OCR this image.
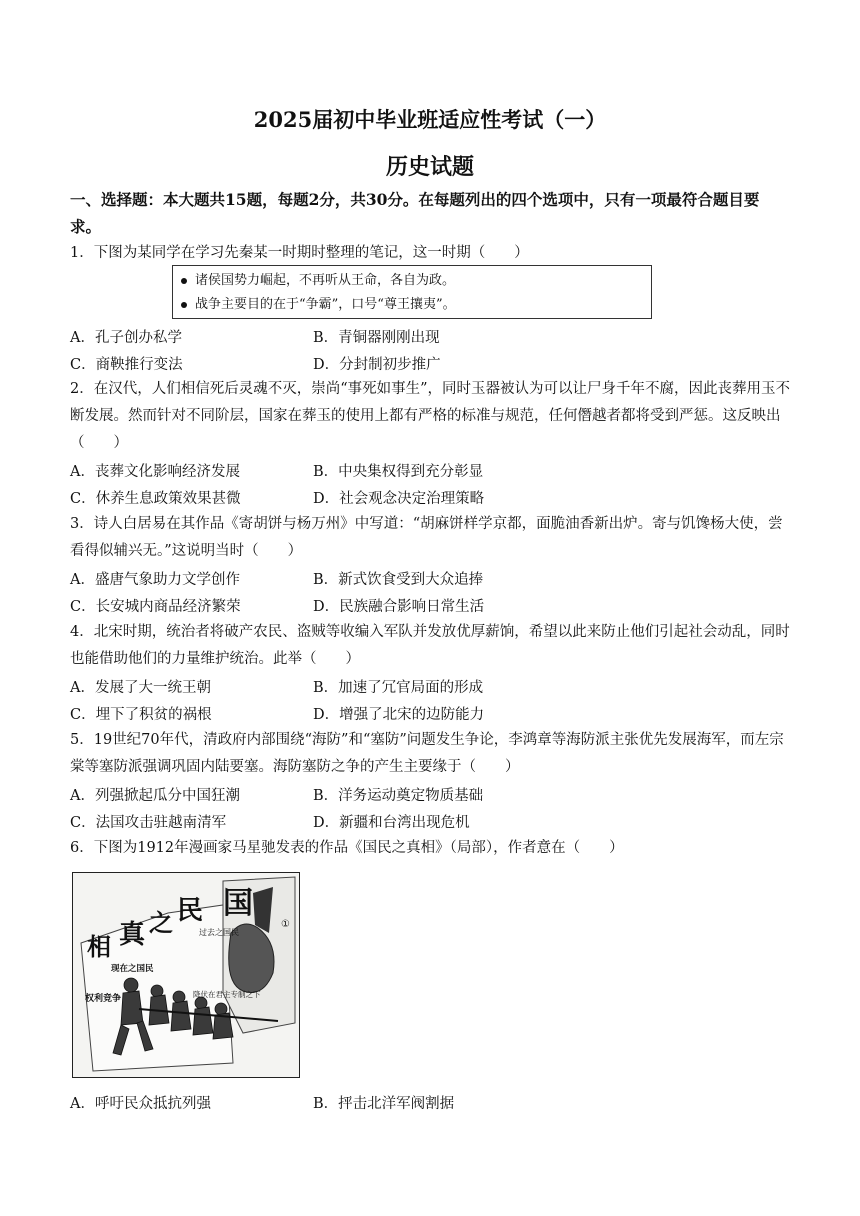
2025届初中毕业班适应性考试（一）
历史试题
一、选择题：本大题共15题，每题2分，共30分。在每题列出的四个选项中，只有一项最符合题目要求。
1．下图为某同学在学习先秦某一时期时整理的笔记，这一时期（　　）
诸侯国势力崛起，不再听从王命，各自为政。
战争主要目的在于“争霸”，口号“尊王攘夷”。
A．孔子创办私学	B．青铜器刚刚出现
C．商鞅推行变法	D．分封制初步推广
2．在汉代，人们相信死后灵魂不灭，崇尚“事死如事生”，同时玉器被认为可以让尸身千年不腐，因此丧葬用玉不断发展。然而针对不同阶层，国家在葬玉的使用上都有严格的标准与规范，任何僭越者都将受到严惩。这反映出（　　）
A．丧葬文化影响经济发展	B．中央集权得到充分彰显
C．休养生息政策效果甚微	D．社会观念决定治理策略
3．诗人白居易在其作品《寄胡饼与杨万州》中写道：“胡麻饼样学京都，面脆油香新出炉。寄与饥馋杨大使，尝看得似辅兴无。”这说明当时（　　）
A．盛唐气象助力文学创作	B．新式饮食受到大众追捧
C．长安城内商品经济繁荣	D．民族融合影响日常生活
4．北宋时期，统治者将破产农民、盗贼等收编入军队并发放优厚薪饷，希望以此来防止他们引起社会动乱，同时也能借助他们的力量维护统治。此举（　　）
A．发展了大一统王朝	B．加速了冗官局面的形成
C．埋下了积贫的祸根	D．增强了北宋的边防能力
5．19世纪70年代，清政府内部围绕“海防”和“塞防”问题发生争论，李鸿章等海防派主张优先发展海军，而左宗棠等塞防派强调巩固内陆要塞。海防塞防之争的产生主要缘于（　　）
A．列强掀起瓜分中国狂潮	B．洋务运动奠定物质基础
C．法国攻击驻越南清军	D．新疆和台湾出现危机
6．下图为1912年漫画家马星驰发表的作品《国民之真相》（局部），作者意在（　　）
国
民
之
真
相	过去之国民
①
现在之国民
权利竞争	降伏在君主专制之下
A．呼吁民众抵抗列强	B．抨击北洋军阀割据
